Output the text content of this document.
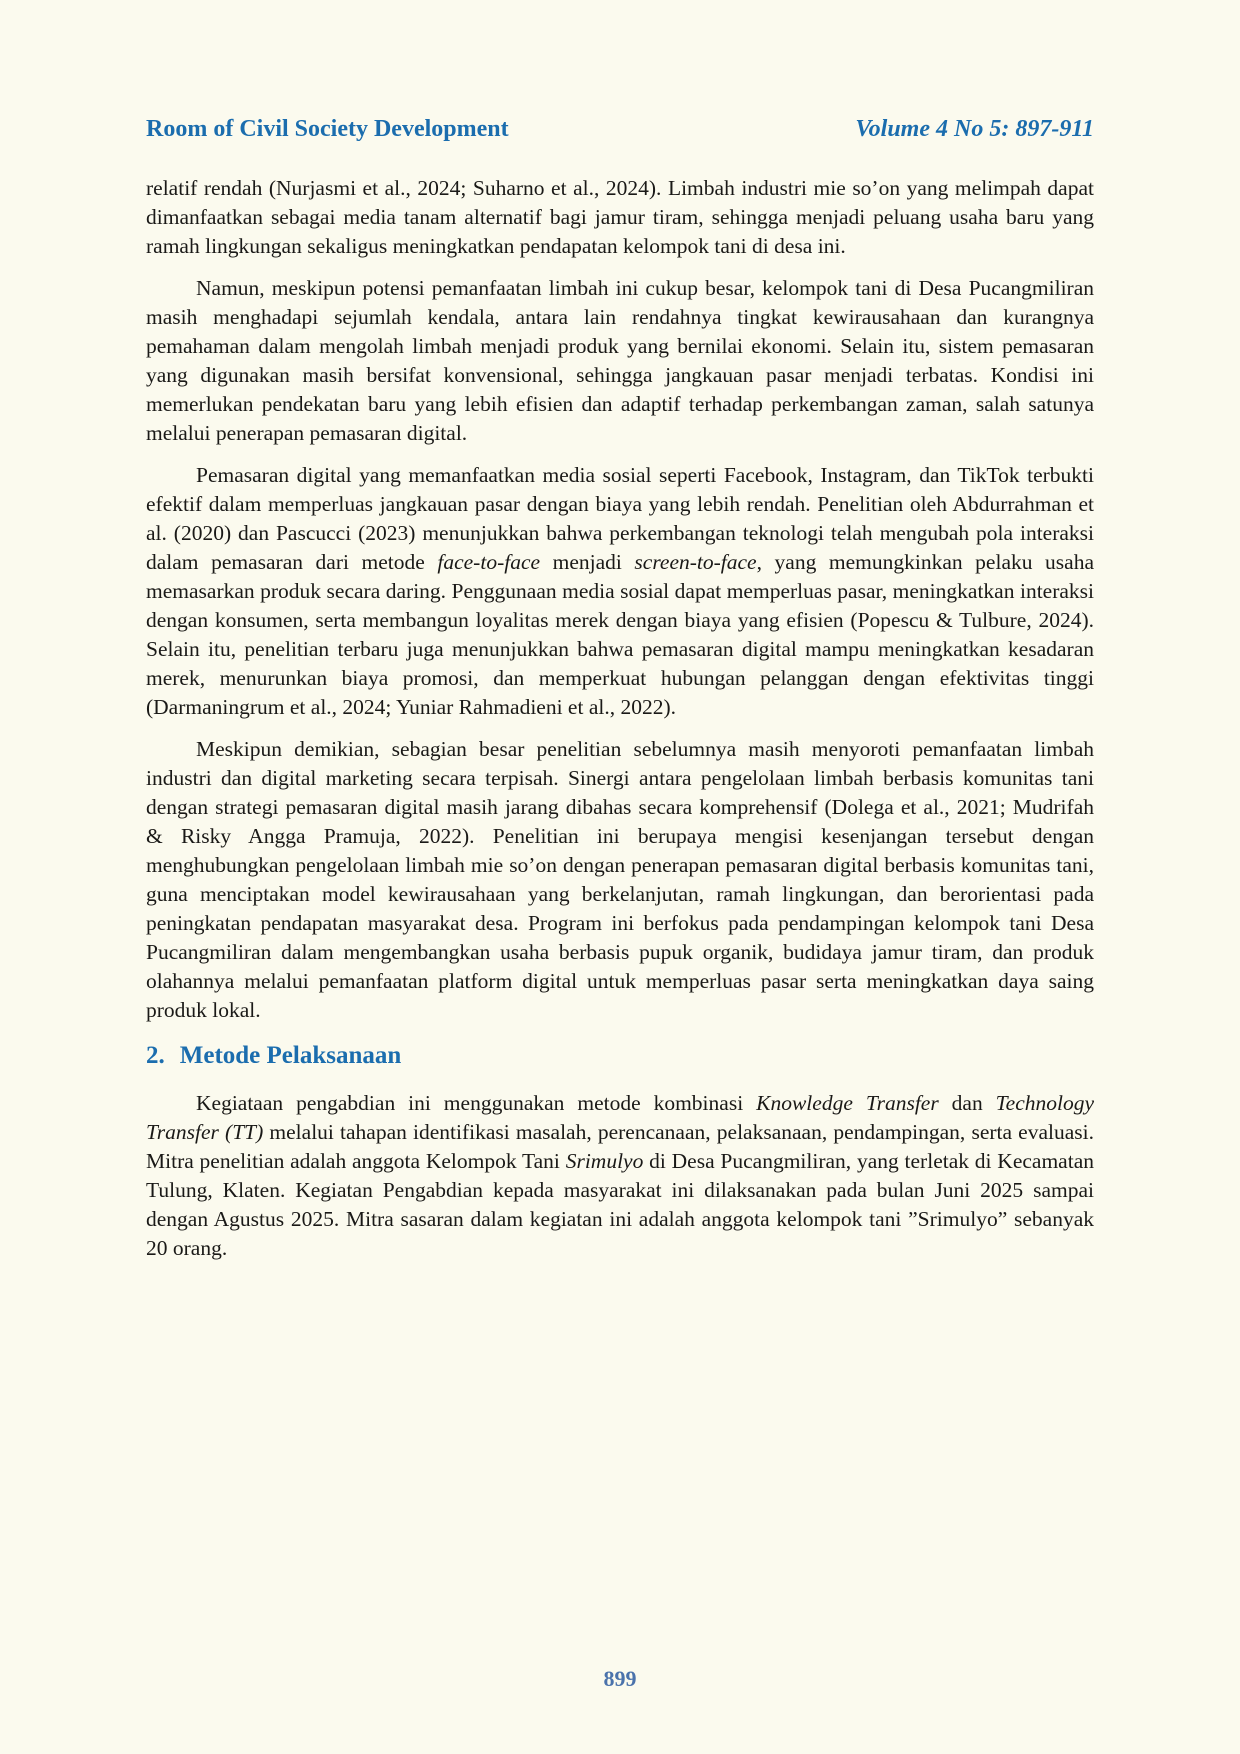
Room of Civil Society Development	Volume 4 No 5: 897-911

relatif rendah (Nurjasmi et al., 2024; Suharno et al., 2024). Limbah industri mie so’on yang melimpah dapat dimanfaatkan sebagai media tanam alternatif bagi jamur tiram, sehingga menjadi peluang usaha baru yang ramah lingkungan sekaligus meningkatkan pendapatan kelompok tani di desa ini.

Namun, meskipun potensi pemanfaatan limbah ini cukup besar, kelompok tani di Desa Pucangmiliran masih menghadapi sejumlah kendala, antara lain rendahnya tingkat kewirausahaan dan kurangnya pemahaman dalam mengolah limbah menjadi produk yang bernilai ekonomi. Selain itu, sistem pemasaran yang digunakan masih bersifat konvensional, sehingga jangkauan pasar menjadi terbatas. Kondisi ini memerlukan pendekatan baru yang lebih efisien dan adaptif terhadap perkembangan zaman, salah satunya melalui penerapan pemasaran digital.

Pemasaran digital yang memanfaatkan media sosial seperti Facebook, Instagram, dan TikTok terbukti efektif dalam memperluas jangkauan pasar dengan biaya yang lebih rendah. Penelitian oleh Abdurrahman et al. (2020) dan Pascucci (2023) menunjukkan bahwa perkembangan teknologi telah mengubah pola interaksi dalam pemasaran dari metode face-to-face menjadi screen-to-face, yang memungkinkan pelaku usaha memasarkan produk secara daring. Penggunaan media sosial dapat memperluas pasar, meningkatkan interaksi dengan konsumen, serta membangun loyalitas merek dengan biaya yang efisien (Popescu & Tulbure, 2024). Selain itu, penelitian terbaru juga menunjukkan bahwa pemasaran digital mampu meningkatkan kesadaran merek, menurunkan biaya promosi, dan memperkuat hubungan pelanggan dengan efektivitas tinggi (Darmaningrum et al., 2024; Yuniar Rahmadieni et al., 2022).

Meskipun demikian, sebagian besar penelitian sebelumnya masih menyoroti pemanfaatan limbah industri dan digital marketing secara terpisah. Sinergi antara pengelolaan limbah berbasis komunitas tani dengan strategi pemasaran digital masih jarang dibahas secara komprehensif (Dolega et al., 2021; Mudrifah & Risky Angga Pramuja, 2022). Penelitian ini berupaya mengisi kesenjangan tersebut dengan menghubungkan pengelolaan limbah mie so’on dengan penerapan pemasaran digital berbasis komunitas tani, guna menciptakan model kewirausahaan yang berkelanjutan, ramah lingkungan, dan berorientasi pada peningkatan pendapatan masyarakat desa. Program ini berfokus pada pendampingan kelompok tani Desa Pucangmiliran dalam mengembangkan usaha berbasis pupuk organik, budidaya jamur tiram, dan produk olahannya melalui pemanfaatan platform digital untuk memperluas pasar serta meningkatkan daya saing produk lokal.

2. Metode Pelaksanaan

Kegiataan pengabdian ini menggunakan metode kombinasi Knowledge Transfer dan Technology Transfer (TT) melalui tahapan identifikasi masalah, perencanaan, pelaksanaan, pendampingan, serta evaluasi. Mitra penelitian adalah anggota Kelompok Tani Srimulyo di Desa Pucangmiliran, yang terletak di Kecamatan Tulung, Klaten. Kegiatan Pengabdian kepada masyarakat ini dilaksanakan pada bulan Juni 2025 sampai dengan Agustus 2025. Mitra sasaran dalam kegiatan ini adalah anggota kelompok tani ”Srimulyo” sebanyak 20 orang.

899
